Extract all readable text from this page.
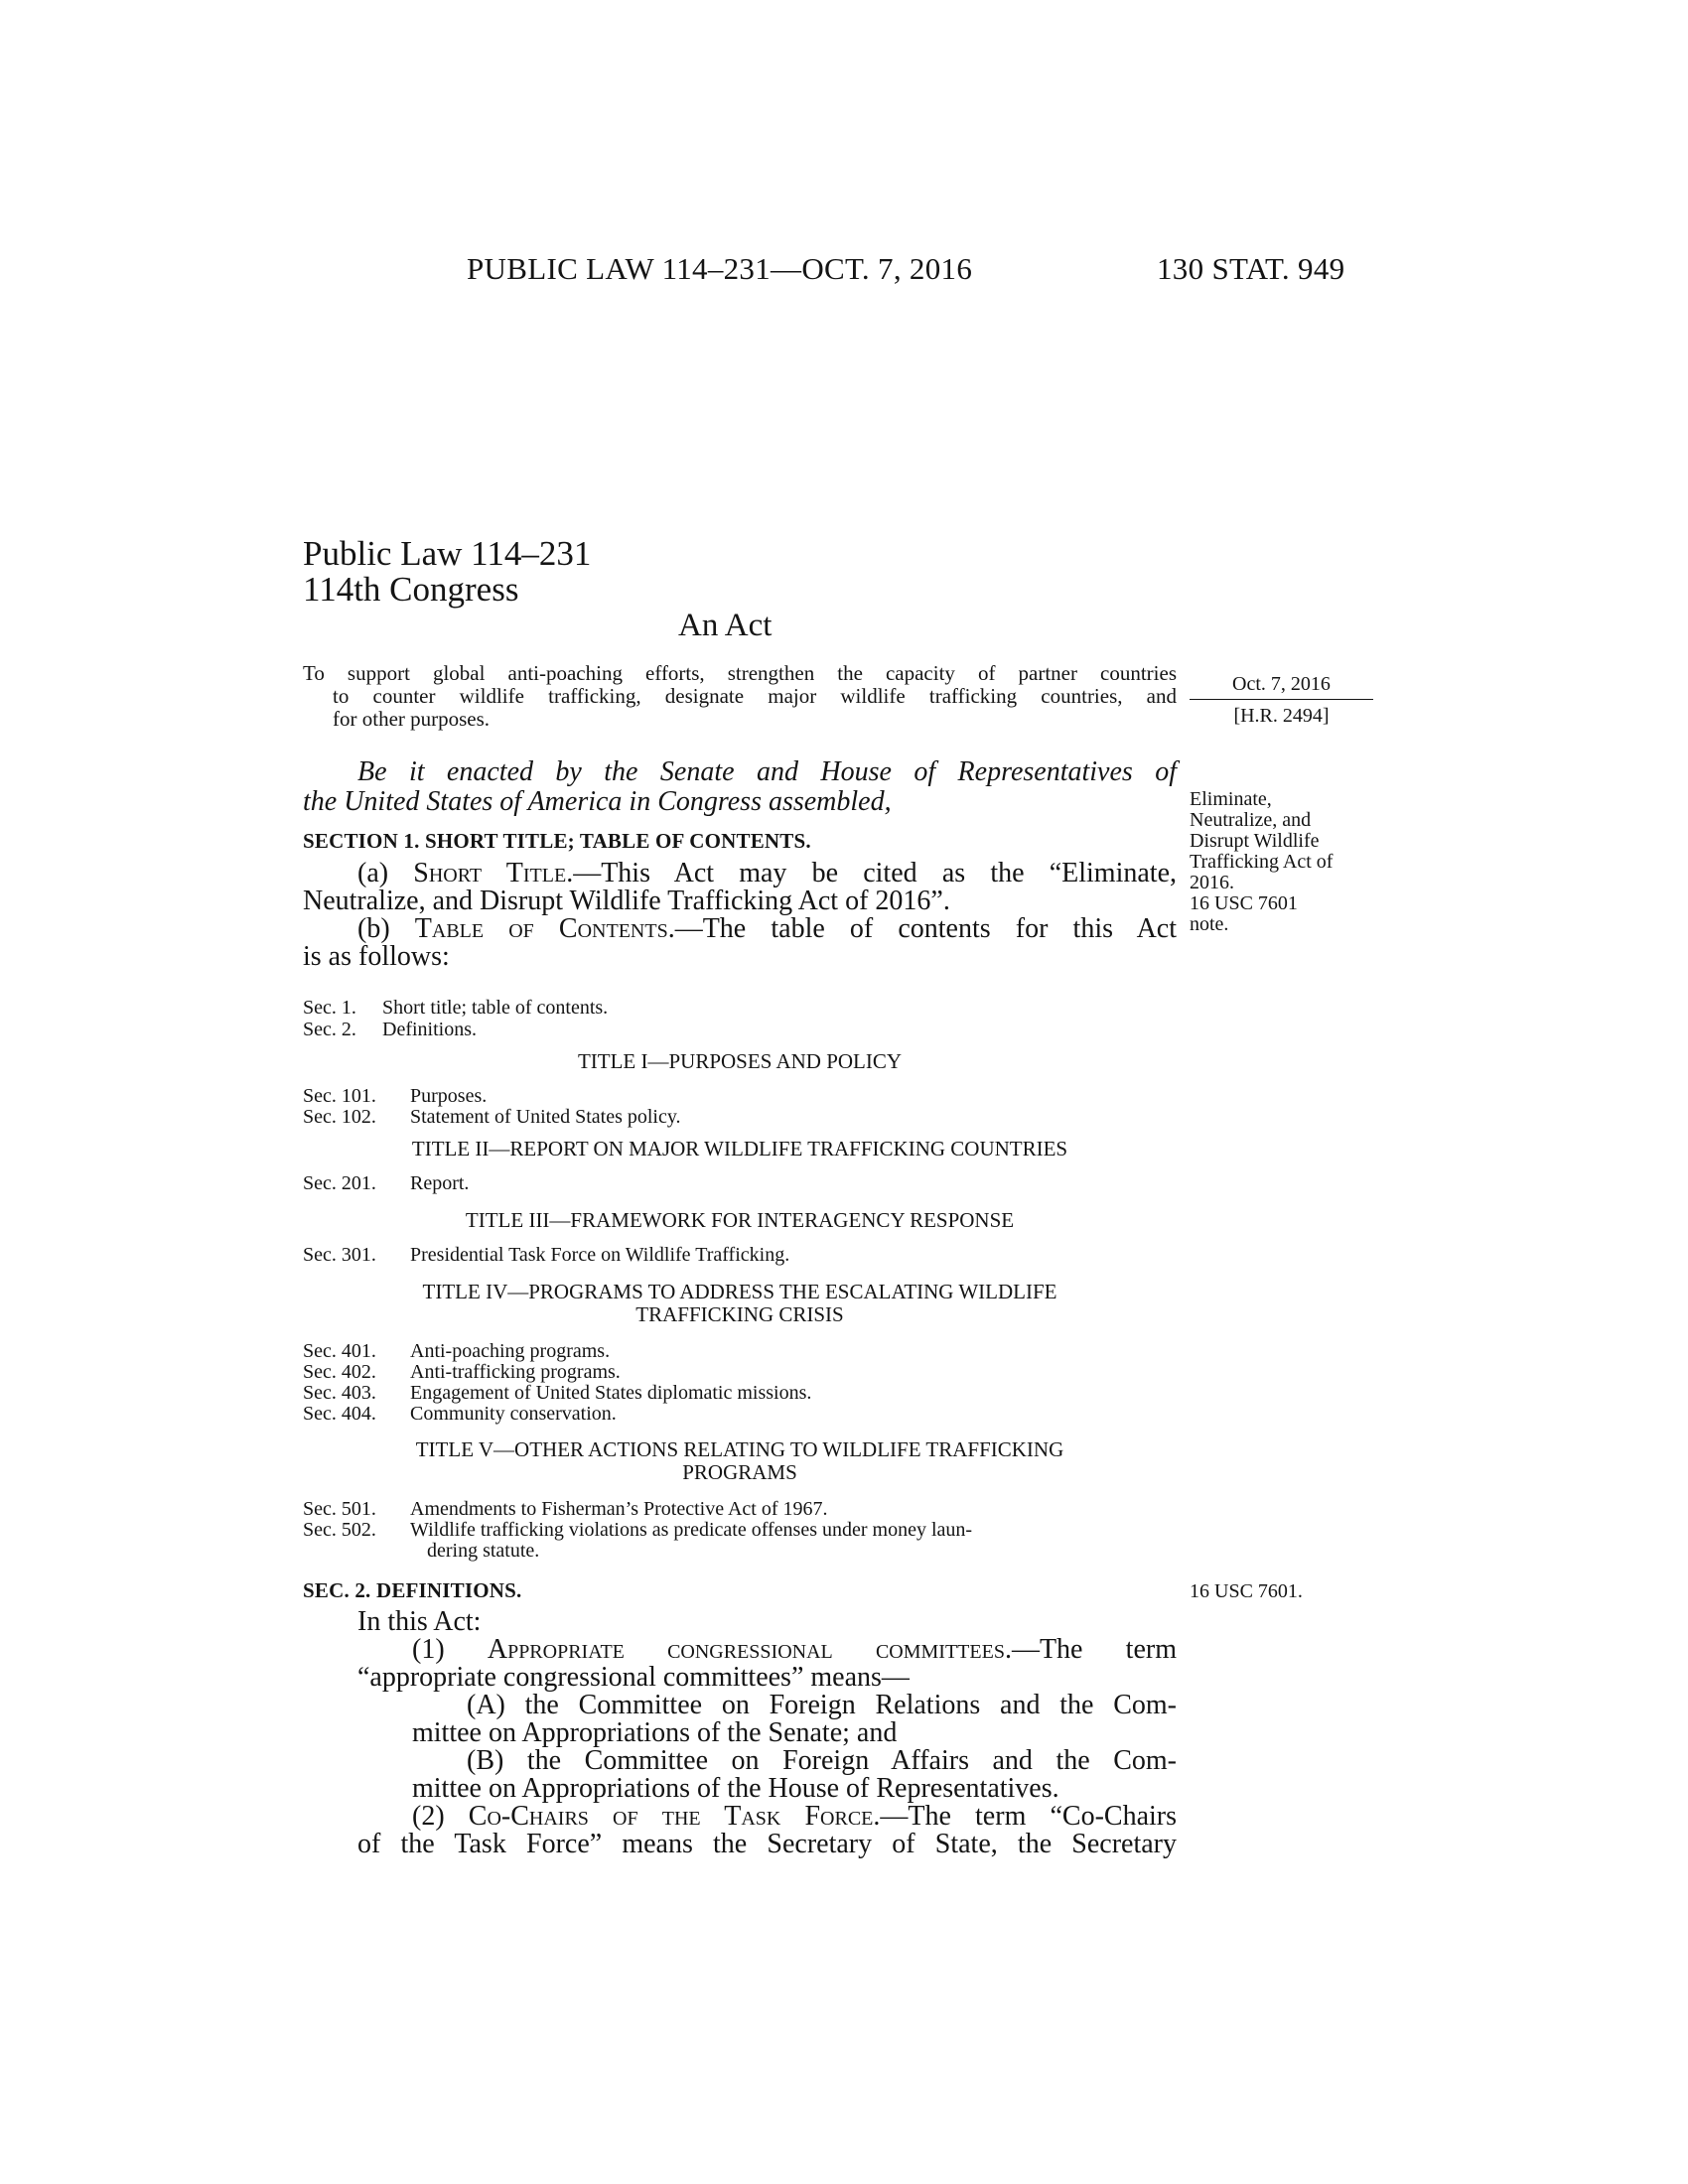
PUBLIC LAW 114–231—OCT. 7, 2016	130 STAT. 949
Public Law 114–231
114th Congress
An Act
To support global anti-poaching efforts, strengthen the capacity of partner countries
to counter wildlife trafficking, designate major wildlife trafficking countries, and
for other purposes.
Oct. 7, 2016
[H.R. 2494]
Be it enacted by the Senate and House of Representatives of
the United States of America in Congress assembled,	Eliminate,
Neutralize, and
Disrupt Wildlife
Trafficking Act of
2016.
16 USC 7601
note.
SECTION 1. SHORT TITLE; TABLE OF CONTENTS.
(a) Short Title.—This Act may be cited as the “Eliminate,
Neutralize, and Disrupt Wildlife Trafficking Act of 2016”.
(b) Table of Contents.—The table of contents for this Act
is as follows:
Sec. 1. Short title; table of contents.
Sec. 2. Definitions.
TITLE I—PURPOSES AND POLICY
Sec. 101. Purposes.
Sec. 102. Statement of United States policy.
TITLE II—REPORT ON MAJOR WILDLIFE TRAFFICKING COUNTRIES
Sec. 201. Report.
TITLE III—FRAMEWORK FOR INTERAGENCY RESPONSE
Sec. 301. Presidential Task Force on Wildlife Trafficking.
TITLE IV—PROGRAMS TO ADDRESS THE ESCALATING WILDLIFE
TRAFFICKING CRISIS
Sec. 401. Anti-poaching programs.
Sec. 402. Anti-trafficking programs.
Sec. 403. Engagement of United States diplomatic missions.
Sec. 404. Community conservation.
TITLE V—OTHER ACTIONS RELATING TO WILDLIFE TRAFFICKING
PROGRAMS
Sec. 501. Amendments to Fisherman’s Protective Act of 1967.
Sec. 502. Wildlife trafficking violations as predicate offenses under money laun-
dering statute.
SEC. 2. DEFINITIONS.	16 USC 7601.
In this Act:
(1) Appropriate congressional committees.—The term
“appropriate congressional committees” means—
(A) the Committee on Foreign Relations and the Com-
mittee on Appropriations of the Senate; and
(B) the Committee on Foreign Affairs and the Com-
mittee on Appropriations of the House of Representatives.
(2) Co-Chairs of the Task Force.—The term “Co-Chairs
of the Task Force” means the Secretary of State, the Secretary
